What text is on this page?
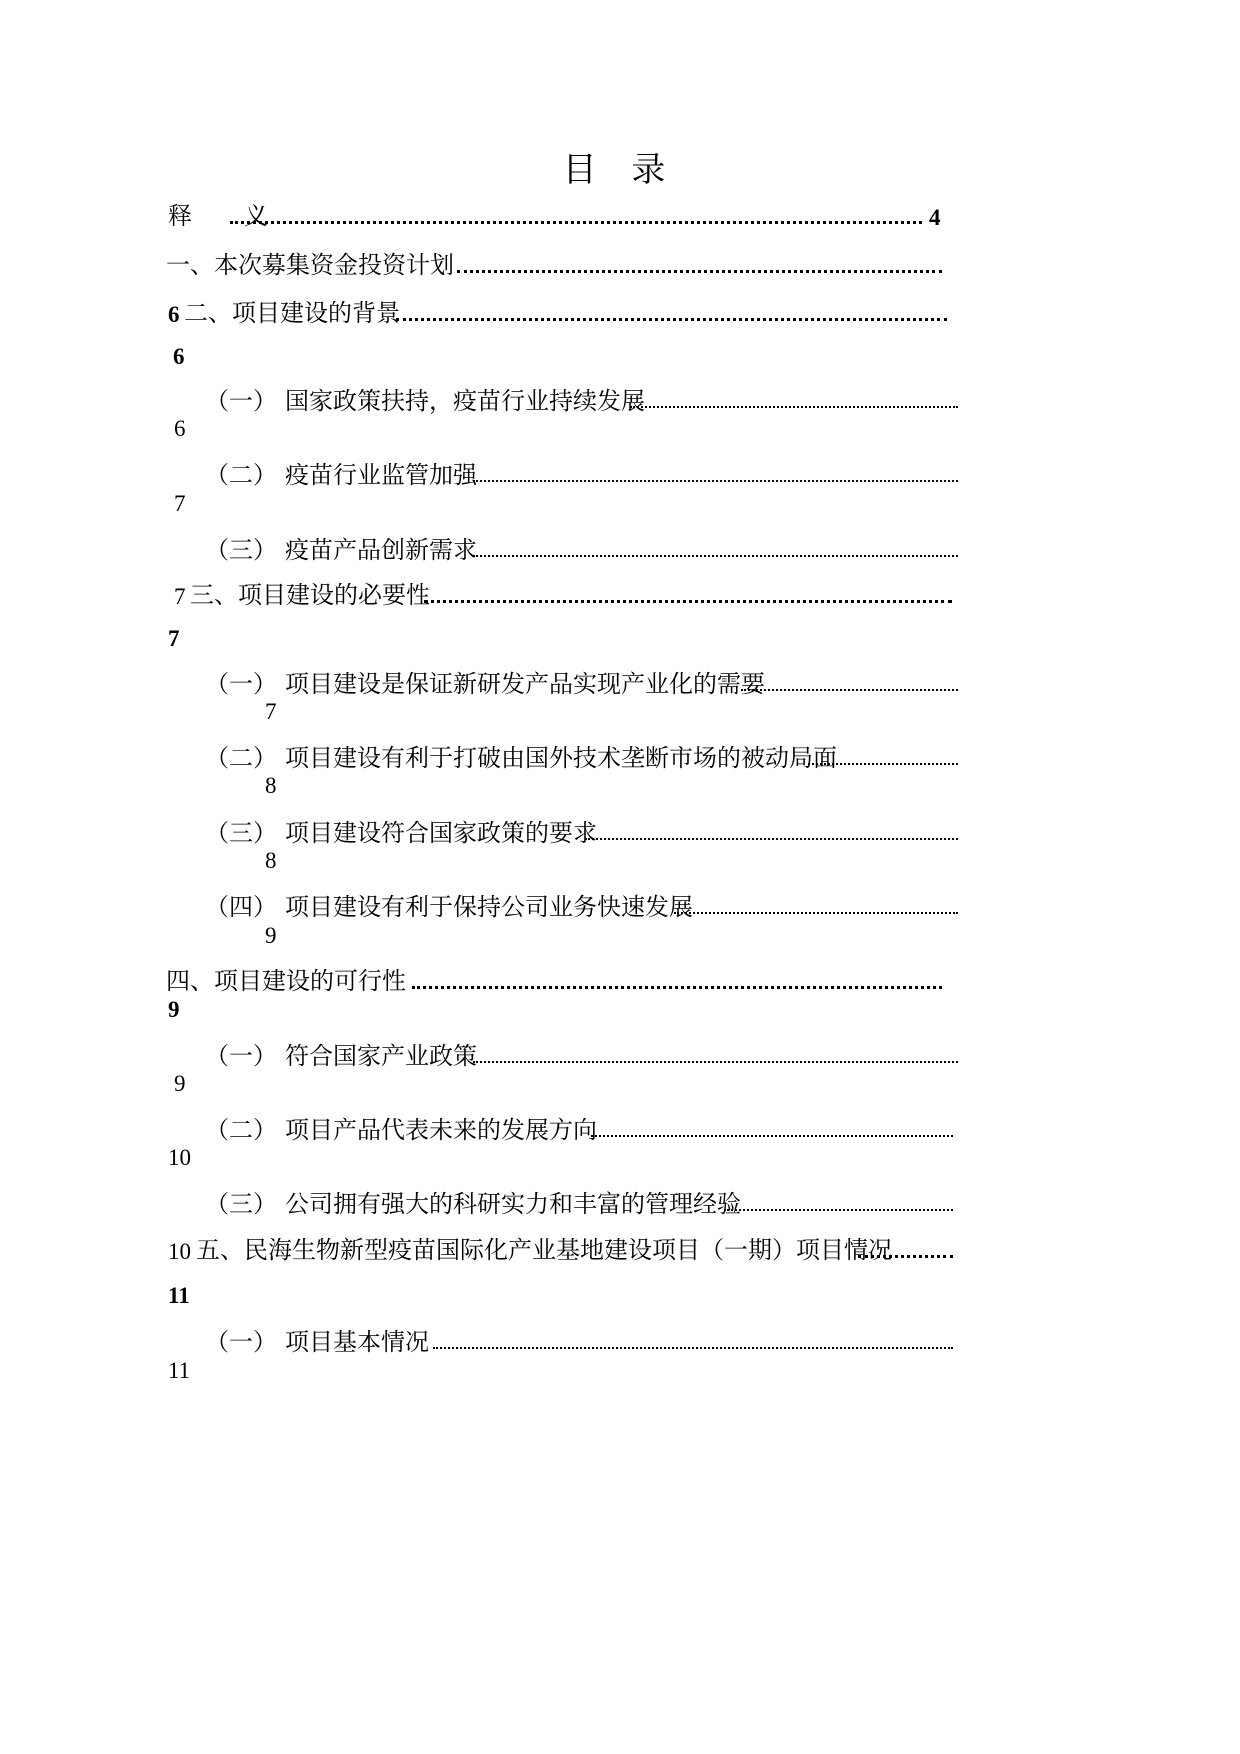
目 录
释　义	4
一、本次募集资金投资计划
6 二、项目建设的背景
6
（一） 国家政策扶持，疫苗行业持续发展
6
（二） 疫苗行业监管加强
7
（三） 疫苗产品创新需求
7 三、项目建设的必要性
7
（一） 项目建设是保证新研发产品实现产业化的需要
7
（二） 项目建设有利于打破由国外技术垄断市场的被动局面
8
（三） 项目建设符合国家政策的要求
8
（四） 项目建设有利于保持公司业务快速发展
9
四、项目建设的可行性
9
（一） 符合国家产业政策
9
（二） 项目产品代表未来的发展方向
10
（三） 公司拥有强大的科研实力和丰富的管理经验
10 五、民海生物新型疫苗国际化产业基地建设项目（一期）项目情况
11
（一） 项目基本情况
11
